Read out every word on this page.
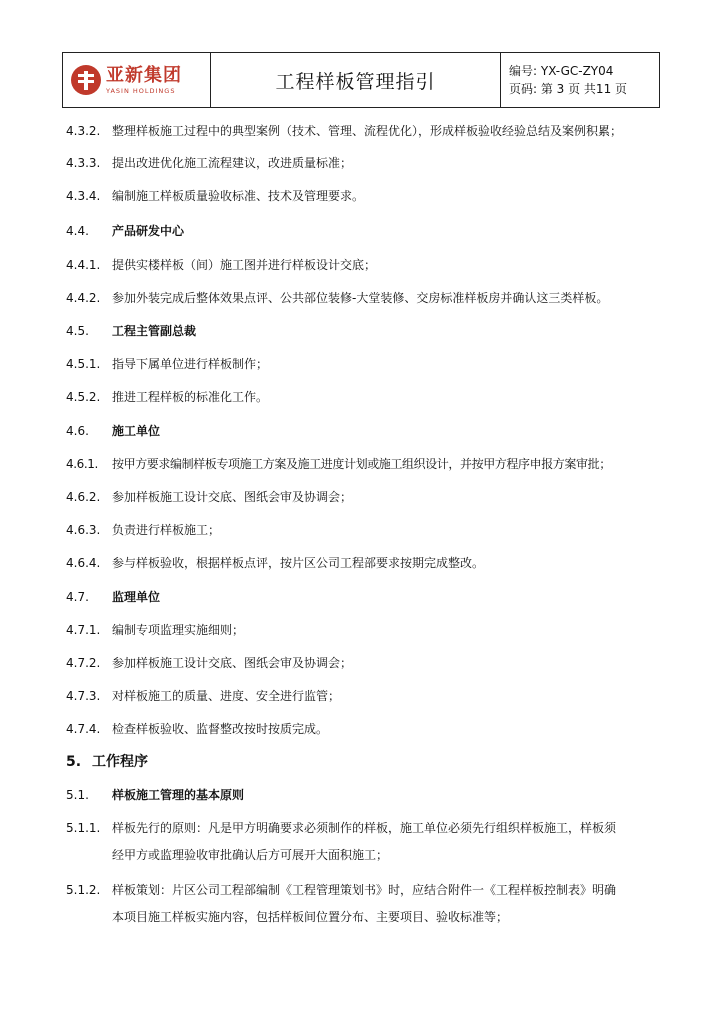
亚新集团
YASIN HOLDINGS	工程样板管理指引	编号: YX-GC-ZY04
页码: 第 3 页 共11 页
4.3.2. 整理样板施工过程中的典型案例（技术、管理、流程优化），形成样板验收经验总结及案例积累；
4.3.3. 提出改进优化施工流程建议，改进质量标准；
4.3.4. 编制施工样板质量验收标准、技术及管理要求。
4.4. 产品研发中心
4.4.1. 提供实楼样板（间）施工图并进行样板设计交底；
4.4.2. 参加外装完成后整体效果点评、公共部位装修-大堂装修、交房标准样板房并确认这三类样板。
4.5. 工程主管副总裁
4.5.1. 指导下属单位进行样板制作；
4.5.2. 推进工程样板的标准化工作。
4.6. 施工单位
4.6.1. 按甲方要求编制样板专项施工方案及施工进度计划或施工组织设计，并按甲方程序申报方案审批；
4.6.2. 参加样板施工设计交底、图纸会审及协调会；
4.6.3. 负责进行样板施工；
4.6.4. 参与样板验收，根据样板点评，按片区公司工程部要求按期完成整改。
4.7. 监理单位
4.7.1. 编制专项监理实施细则；
4.7.2. 参加样板施工设计交底、图纸会审及协调会；
4.7.3. 对样板施工的质量、进度、安全进行监管；
4.7.4. 检查样板验收、监督整改按时按质完成。
5. 工作程序
5.1. 样板施工管理的基本原则
5.1.1. 样板先行的原则：凡是甲方明确要求必须制作的样板，施工单位必须先行组织样板施工，样板须
经甲方或监理验收审批确认后方可展开大面积施工；
5.1.2. 样板策划：片区公司工程部编制《工程管理策划书》时，应结合附件一《工程样板控制表》明确
本项目施工样板实施内容，包括样板间位置分布、主要项目、验收标准等；
